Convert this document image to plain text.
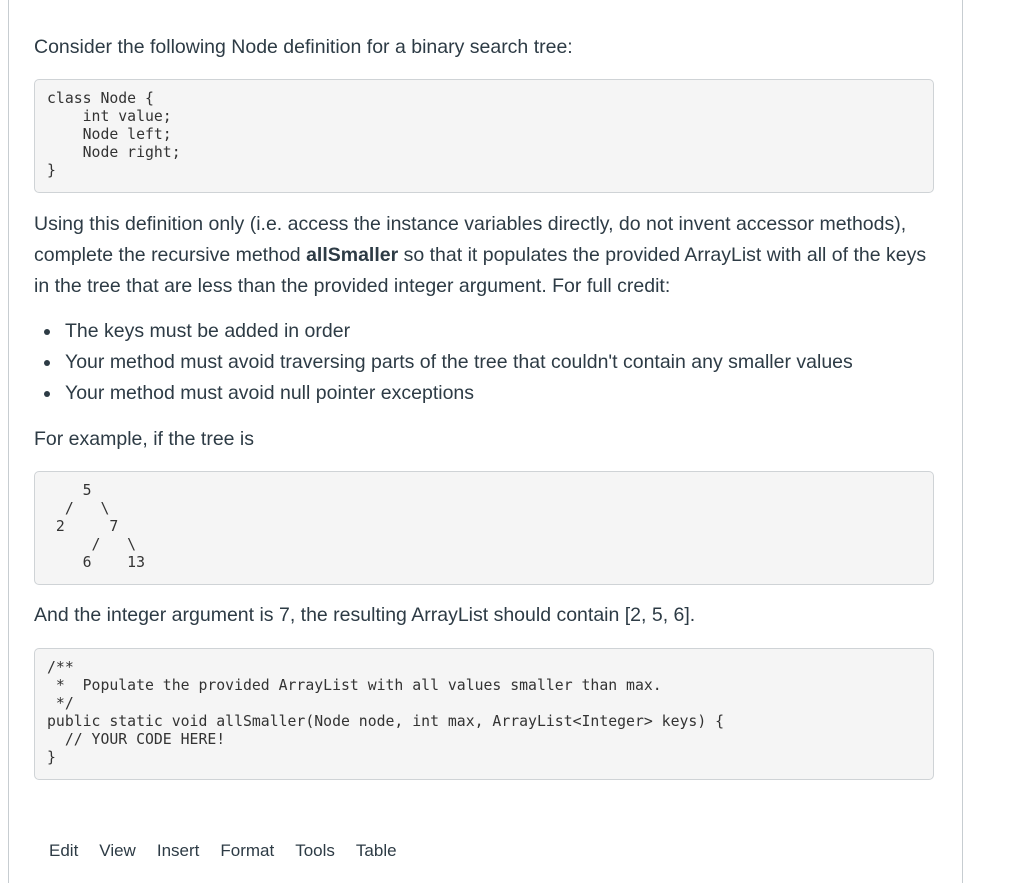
Consider the following Node definition for a binary search tree:

class Node {
int value;
Node left;
Node right;
}

Using this definition only (i.e. access the instance variables directly, do not invent accessor methods), complete the recursive method allSmaller so that it populates the provided ArrayList with all of the keys in the tree that are less than the provided integer argument. For full credit:

The keys must be added in order
Your method must avoid traversing parts of the tree that couldn't contain any smaller values
Your method must avoid null pointer exceptions

For example, if the tree is

5
/   \
2     7
/   \
6    13

And the integer argument is 7, the resulting ArrayList should contain [2, 5, 6].

/**
*  Populate the provided ArrayList with all values smaller than max.
*/
public static void allSmaller(Node node, int max, ArrayList<Integer> keys) {
// YOUR CODE HERE!
}
Edit View Insert Format Tools Table
